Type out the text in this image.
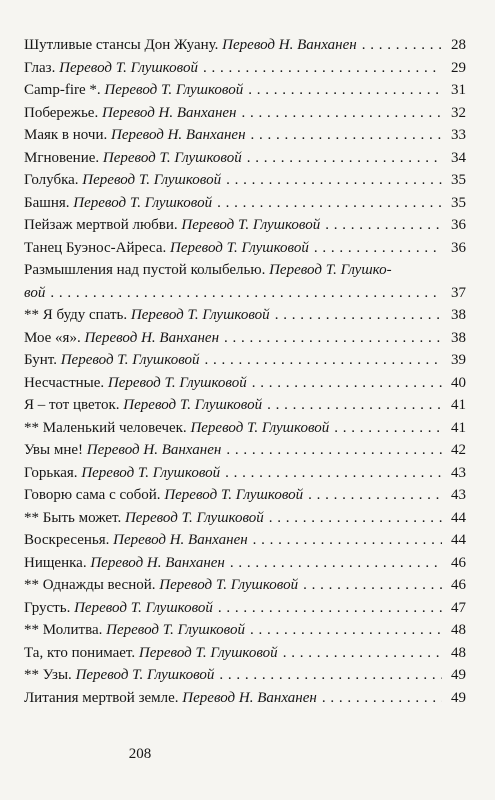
Шутливые стансы Дон Жуану. Перевод Н. Ванханен . . .	28
Глаз. Перевод Т. Глушковой . . .	29
Camp-fire *. Перевод Т. Глушковой . . .	31
Побережье. Перевод Н. Ванханен . . .	32
Маяк в ночи. Перевод Н. Ванханен . . .	33
Мгновение. Перевод Т. Глушковой . . .	34
Голубка. Перевод Т. Глушковой . . .	35
Башня. Перевод Т. Глушковой . . .	35
Пейзаж мертвой любви. Перевод Т. Глушковой . . .	36
Танец Буэнос-Айреса. Перевод Т. Глушковой . . .	36
Размышления над пустой колыбелью. Перевод Т. Глушко-
вой . . .	37
** Я буду спать. Перевод Т. Глушковой . . .	38
Мое «я». Перевод Н. Ванханен . . .	38
Бунт. Перевод Т. Глушковой . . .	39
Несчастные. Перевод Т. Глушковой . . .	40
Я – тот цветок. Перевод Т. Глушковой . . .	41
** Маленький человечек. Перевод Т. Глушковой . . .	41
Увы мне! Перевод Н. Ванханен . . .	42
Горькая. Перевод Т. Глушковой . . .	43
Говорю сама с собой. Перевод Т. Глушковой . . .	43
** Быть может. Перевод Т. Глушковой . . .	44
Воскресенья. Перевод Н. Ванханен . . .	44
Нищенка. Перевод Н. Ванханен . . .	46
** Однажды весной. Перевод Т. Глушковой . . .	46
Грусть. Перевод Т. Глушковой . . .	47
** Молитва. Перевод Т. Глушковой . . .	48
Та, кто понимает. Перевод Т. Глушковой . . .	48
** Узы. Перевод Т. Глушковой . . .	49
Литания мертвой земле. Перевод Н. Ванханен . . .	49
208
